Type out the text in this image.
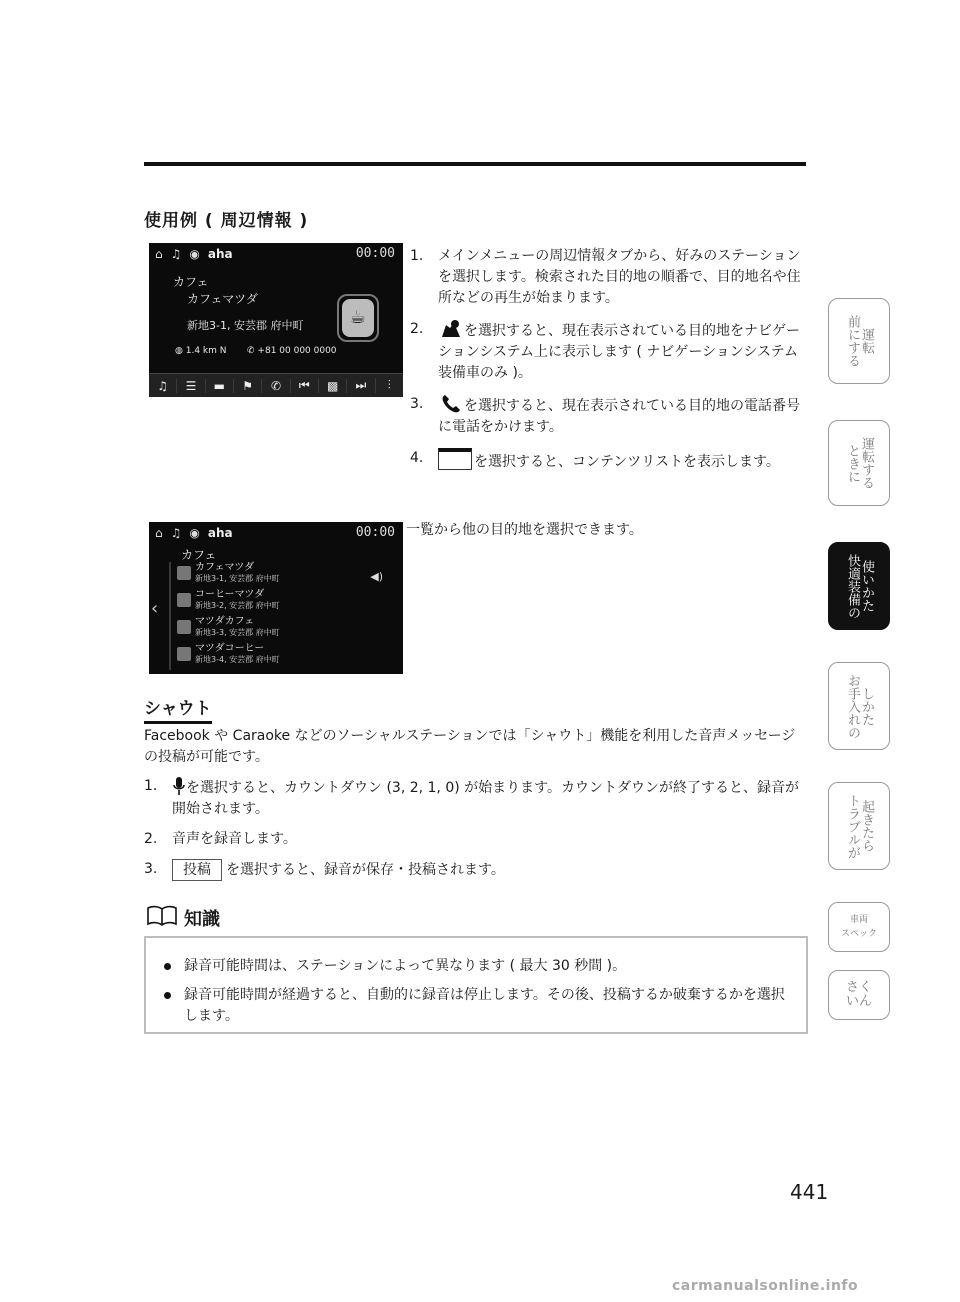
使用例 ( 周辺情報 )
⌂ ♫ ◉ aha	00:00
カフェ
カフェマツダ
新地3-1, 安芸郡 府中町
◍ 1.4 km N ✆ +81 00 000 0000
☕
♫	☰	▬	⚑	✆	⏮	▩	⏭	⫶
⌂ ♫ ◉ aha	00:00
‹
カフェ
◀)
カフェマツダ
新地3-1, 安芸郡 府中町
コーヒーマツダ
新地3-2, 安芸郡 府中町
マツダカフェ
新地3-3, 安芸郡 府中町
マツダコーヒー
新地3-4, 安芸郡 府中町
1. メインメニューの周辺情報タブから、好みのステーションを選択します。検索された目的地の順番で、目的地名や住所などの再生が始まります。
2.	を選択すると、現在表示されている目的地をナビゲーションシステム上に表示します ( ナビゲーションシステム装備車のみ )。
3.	を選択すると、現在表示されている目的地の電話番号に電話をかけます。
4.	を選択すると、コンテンツリストを表示します。
一覧から他の目的地を選択できます。
シャウト
Facebook や Caraoke などのソーシャルステーションでは「シャウト」機能を利用した音声メッセージの投稿が可能です。
1. を選択すると、カウントダウン (3, 2, 1, 0) が始まります。カウントダウンが終了すると、録音が開始されます。
2. 音声を録音します。
3. 投稿 を選択すると、録音が保存・投稿されます。
知識
録音可能時間は、ステーションによって異なります ( 最大 30 秒間 )。
録音可能時間が経過すると、自動的に録音は停止します。その後、投稿するか破棄するかを選択します。
前にする 運転
ときに 運転する
快適装備の 使いかた
お手入れの しかた
トラブルが 起きたら
車両
スペック
さく
いん
441
carmanualsonline.info
